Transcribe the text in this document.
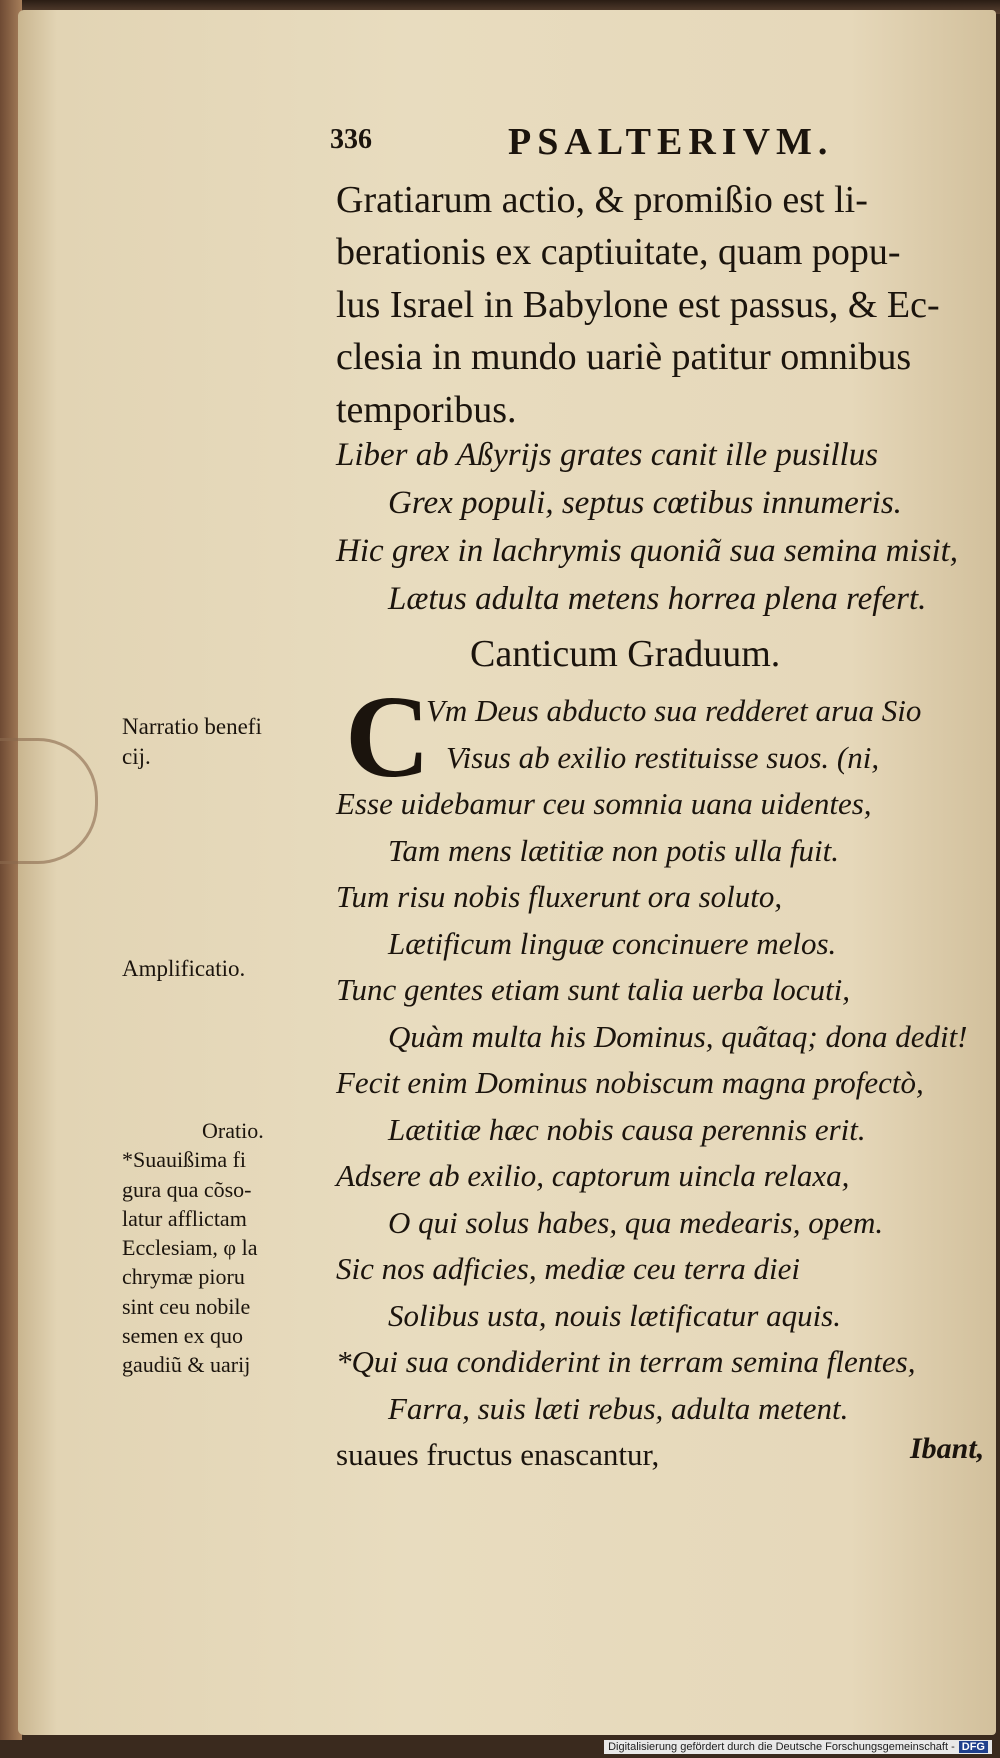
336	PSALTERIVM.
Gratiarum actio, & promißio est li-
berationis ex captiuitate, quam popu-
lus Israel in Babylone est passus, & Ec-
clesia in mundo uariè patitur omnibus
temporibus.
Liber ab Aßyrijs grates canit ille pusillus
Grex populi, septus cœtibus innumeris.
Hic grex in lachrymis quoniã sua semina misit,
Lætus adulta metens horrea plena refert.
Canticum Graduum.
C
Vm Deus abducto sua redderet arua Sio
Visus ab exilio restituisse suos. (ni,
Esse uidebamur ceu somnia uana uidentes,
Tam mens lætitiæ non potis ulla fuit.
Tum risu nobis fluxerunt ora soluto,
Lætificum linguæ concinuere melos.
Tunc gentes etiam sunt talia uerba locuti,
Quàm multa his Dominus, quãtaq; dona dedit!
Fecit enim Dominus nobiscum magna profectò,
Lætitiæ hæc nobis causa perennis erit.
Adsere ab exilio, captorum uincla relaxa,
O qui solus habes, qua medearis, opem.
Sic nos adficies, mediæ ceu terra diei
Solibus usta, nouis lætificatur aquis.
*Qui sua condiderint in terram semina flentes,
Farra, suis læti rebus, adulta metent.
suaues fructus enascantur,
Narratio benefi
cij.
Amplificatio.
Oratio.
*Suauißima fi
gura qua cõso-
latur afflictam
Ecclesiam, φ la
chrymæ pioru
sint ceu nobile
semen ex quo
gaudiũ & uarij
Ibant,
Digitalisierung gefördert durch die Deutsche Forschungsgemeinschaft - DFG
